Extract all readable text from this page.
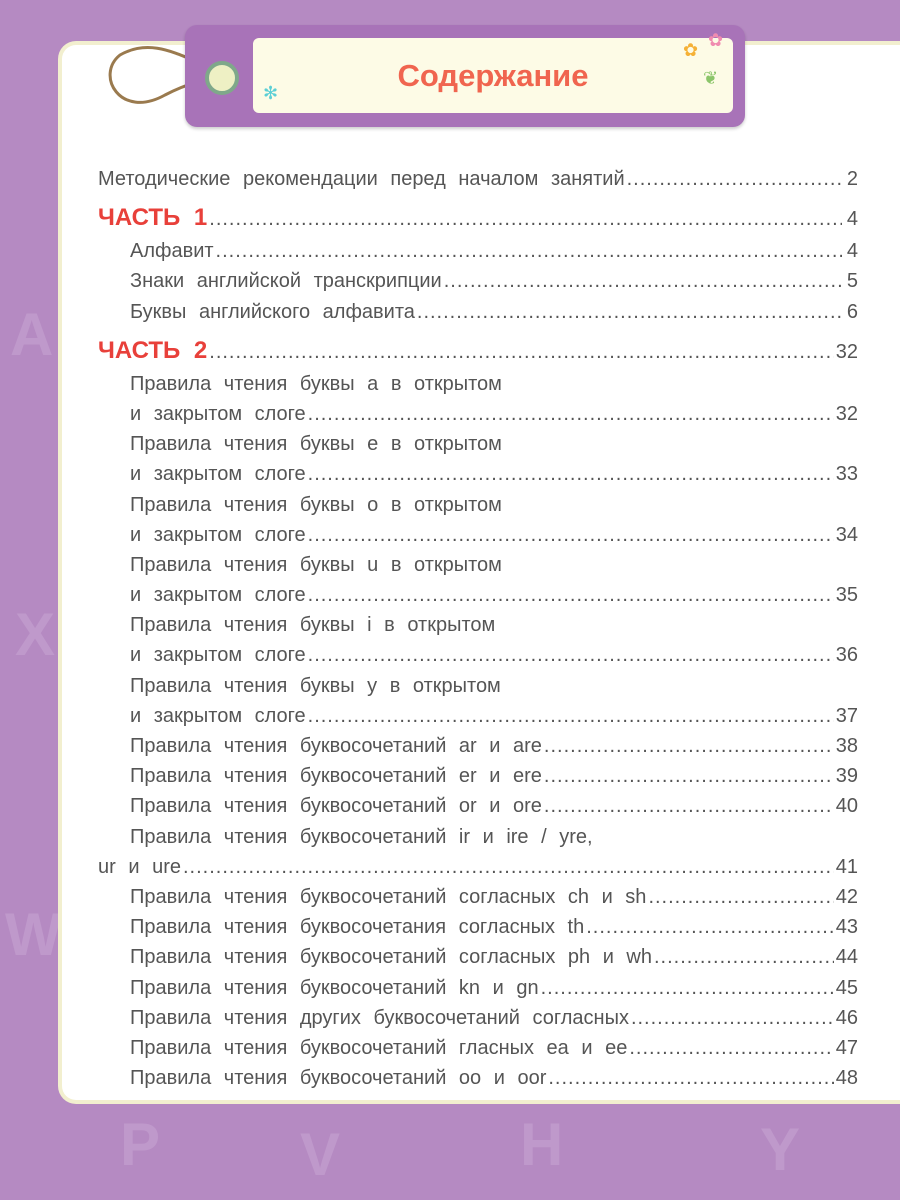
A
X
W
P V	H	Y
Содержание
✻
✿ ✿
❦
Методические рекомендации перед началом занятий .....	2
ЧАСТЬ 1 .....	4
Алфавит .....	4
Знаки английской транскрипции .....	5
Буквы английского алфавита .....	6
ЧАСТЬ 2 .....	32
Правила чтения буквы a в открытом
и закрытом слоге .....	32
Правила чтения буквы e в открытом
и закрытом слоге .....	33
Правила чтения буквы o в открытом
и закрытом слоге .....	34
Правила чтения буквы u в открытом
и закрытом слоге .....	35
Правила чтения буквы i в открытом
и закрытом слоге .....	36
Правила чтения буквы y в открытом
и закрытом слоге .....	37
Правила чтения буквосочетаний ar и are .....	38
Правила чтения буквосочетаний er и ere .....	39
Правила чтения буквосочетаний or и ore .....	40
Правила чтения буквосочетаний ir и ire / yre,
ur и ure .....	41
Правила чтения буквосочетаний согласных ch и sh .....	42
Правила чтения буквосочетания согласных th .....	43
Правила чтения буквосочетаний согласных ph и wh .....	44
Правила чтения буквосочетаний kn и gn .....	45
Правила чтения других буквосочетаний согласных .....	46
Правила чтения буквосочетаний гласных ea и ee .....	47
Правила чтения буквосочетаний oo и oor .....	48
